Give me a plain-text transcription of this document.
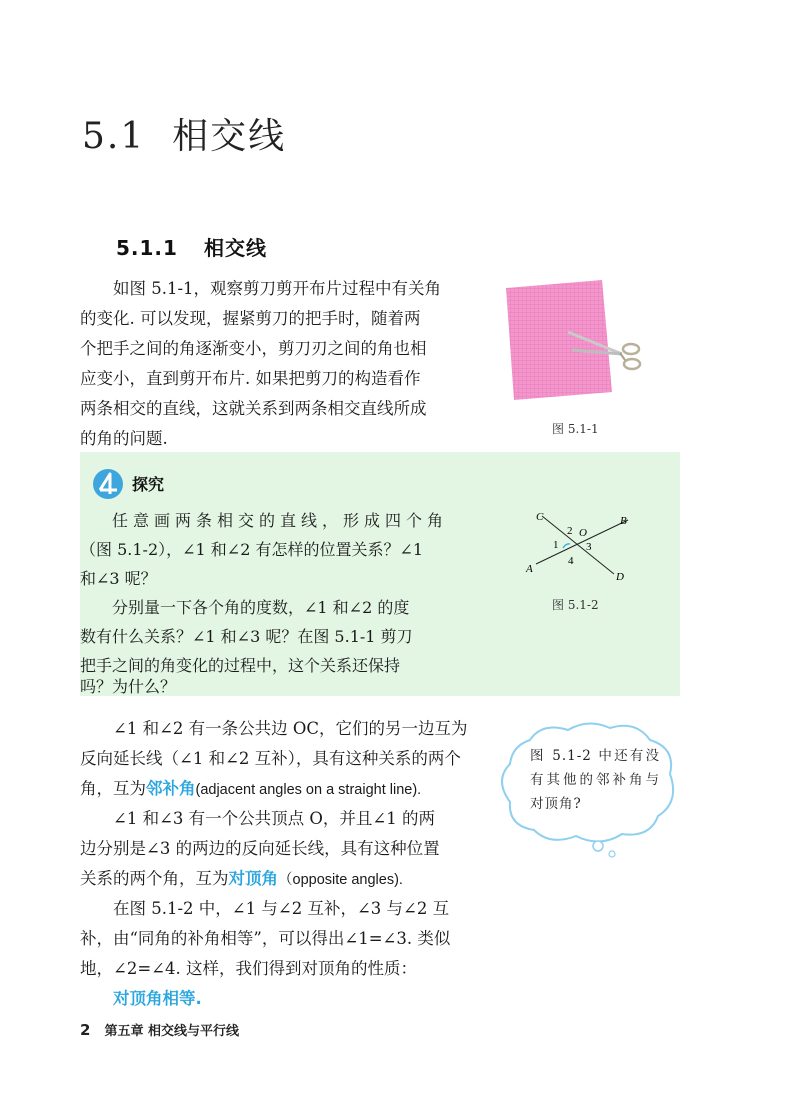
5.1 相交线
5.1.1 相交线
如图 5.1-1，观察剪刀剪开布片过程中有关角
的变化. 可以发现，握紧剪刀的把手时，随着两
个把手之间的角逐渐变小，剪刀刃之间的角也相
应变小，直到剪开布片. 如果把剪刀的构造看作
两条相交的直线，这就关系到两条相交直线所成
的角的问题.	图 5.1-1
探究
任意画两条相交的直线，形成四个角
（图 5.1-2），∠1 和∠2 有怎样的位置关系？∠1
和∠3 呢？
分别量一下各个角的度数，∠1 和∠2 的度
数有什么关系？∠1 和∠3 呢？在图 5.1-1 剪刀
把手之间的角变化的过程中，这个关系还保持
吗？为什么？
C	B
A
D
O
2
1	3
4
图 5.1-2
∠1 和∠2 有一条公共边 OC，它们的另一边互为
反向延长线（∠1 和∠2 互补），具有这种关系的两个
角，互为邻补角(adjacent angles on a straight line).
∠1 和∠3 有一个公共顶点 O，并且∠1 的两
边分别是∠3 的两边的反向延长线，具有这种位置
关系的两个角，互为对顶角（opposite angles).
在图 5.1-2 中，∠1 与∠2 互补，∠3 与∠2 互
补，由“同角的补角相等”，可以得出∠1=∠3. 类似
地，∠2=∠4. 这样，我们得到对顶角的性质：
对顶角相等.
图 5.1-2 中还有没有其他的邻补角与对顶角?
2 第五章 相交线与平行线
